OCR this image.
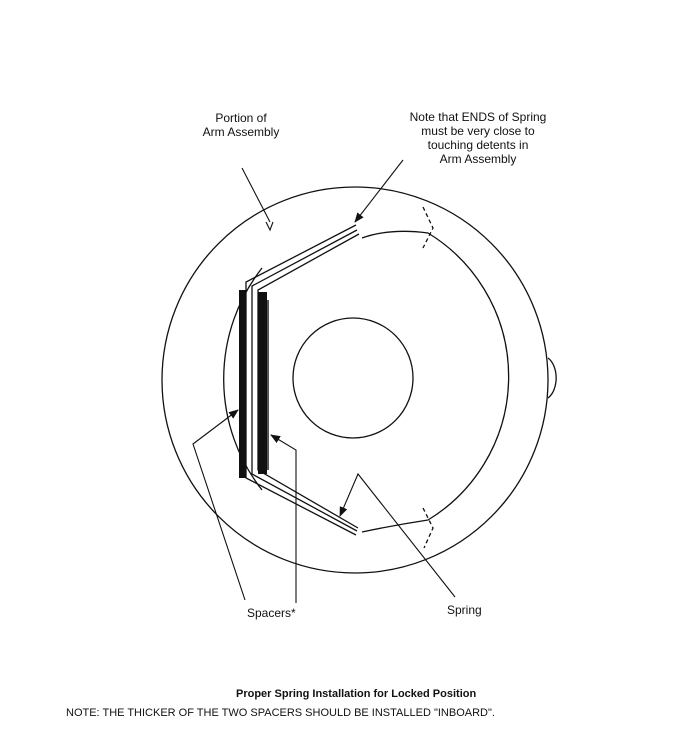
Portion of
Arm Assembly
Note that ENDS of Spring
must be very close to
touching detents in
Arm Assembly
Spacers*	Spring
Proper Spring Installation for Locked Position
NOTE: THE THICKER OF THE TWO SPACERS SHOULD BE INSTALLED "INBOARD".
